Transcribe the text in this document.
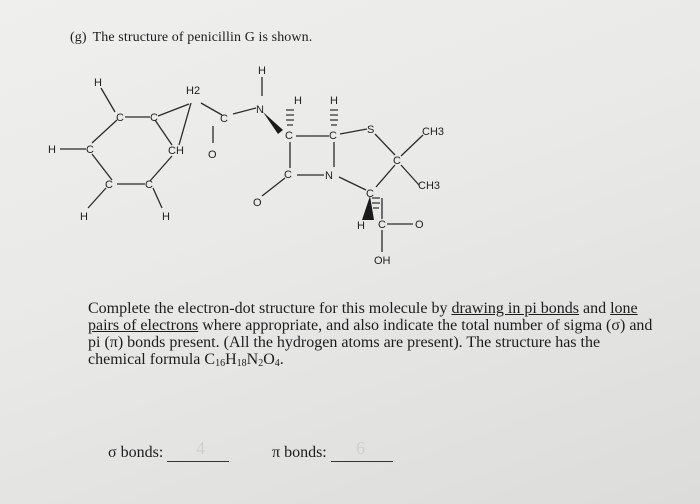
(g) The structure of penicillin G is shown.
H
H2
C C	C
H
N
H	H
C	C	S	CH3
H	C	CH O	C
C	N
CH3
C	C
O
C
H	H
H C	O
OH
Complete the electron-dot structure for this molecule by drawing in pi bonds and lone
pairs of electrons where appropriate, and also indicate the total number of sigma (σ) and
pi (π) bonds present. (All the hydrogen atoms are present). The structure has the
chemical formula $C_{16}H_{18}N_2O_4$.
σ bonds:	4	π bonds:	6
